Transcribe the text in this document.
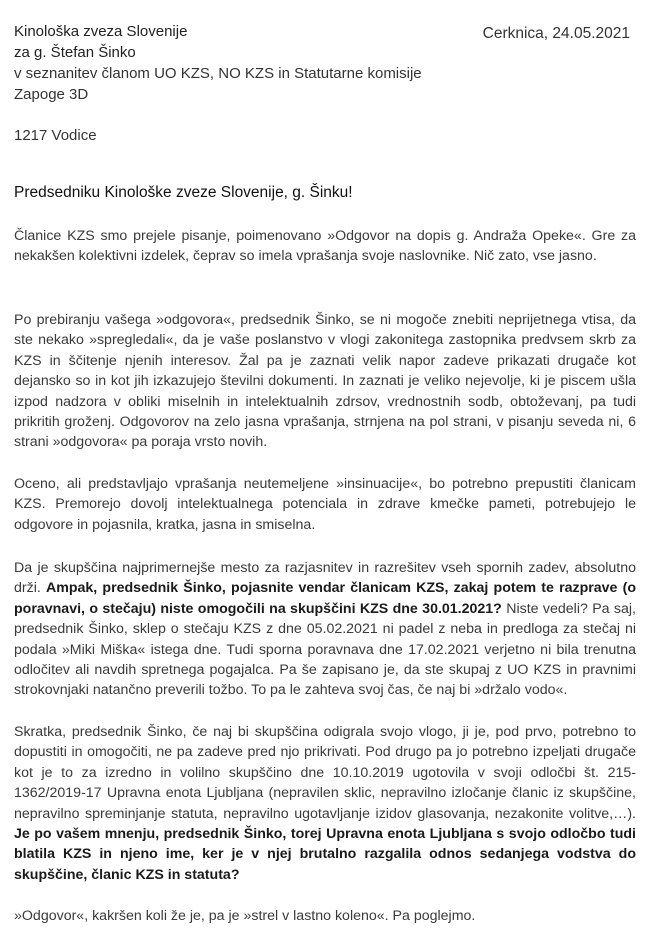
Kinološka zveza Slovenije
za g. Štefan Šinko
v seznanitev članom UO KZS, NO KZS in Statutarne komisije
Zapoge 3D
1217 Vodice
Cerknica, 24.05.2021
Predsedniku Kinološke zveze Slovenije, g. Šinku!
Članice KZS smo prejele pisanje, poimenovano »Odgovor na dopis g. Andraža Opeke«. Gre za nekakšen kolektivni izdelek, čeprav so imela vprašanja svoje naslovnike. Nič zato, vse jasno.
Po prebiranju vašega »odgovora«, predsednik Šinko, se ni mogoče znebiti neprijetnega vtisa, da ste nekako »spregledali«, da je vaše poslanstvo v vlogi zakonitega zastopnika predvsem skrb za KZS in ščitenje njenih interesov. Žal pa je zaznati velik napor zadeve prikazati drugače kot dejansko so in kot jih izkazujejo številni dokumenti. In zaznati je veliko nejevolje, ki je piscem ušla izpod nadzora v obliki miselnih in intelektualnih zdrsov, vrednostnih sodb, obtoževanj, pa tudi prikritih groženj. Odgovorov na zelo jasna vprašanja, strnjena na pol strani, v pisanju seveda ni, 6 strani »odgovora« pa poraja vrsto novih.
Oceno, ali predstavljajo vprašanja neutemeljene »insinuacije«, bo potrebno prepustiti članicam KZS. Premorejo dovolj intelektualnega potenciala in zdrave kmečke pameti, potrebujejo le odgovore in pojasnila, kratka, jasna in smiselna.
Da je skupščina najprimernejše mesto za razjasnitev in razrešitev vseh spornih zadev, absolutno drži. Ampak, predsednik Šinko, pojasnite vendar članicam KZS, zakaj potem te razprave (o poravnavi, o stečaju) niste omogočili na skupščini KZS dne 30.01.2021? Niste vedeli? Pa saj, predsednik Šinko, sklep o stečaju KZS z dne 05.02.2021 ni padel z neba in predloga za stečaj ni podala »Miki Miška« istega dne. Tudi sporna poravnava dne 17.02.2021 verjetno ni bila trenutna odločitev ali navdih spretnega pogajalca. Pa še zapisano je, da ste skupaj z UO KZS in pravnimi strokovnjaki natančno preverili tožbo. To pa le zahteva svoj čas, če naj bi »držalo vodo«.
Skratka, predsednik Šinko, če naj bi skupščina odigrala svojo vlogo, ji je, pod prvo, potrebno to dopustiti in omogočiti, ne pa zadeve pred njo prikrivati. Pod drugo pa jo potrebno izpeljati drugače kot je to za izredno in volilno skupščino dne 10.10.2019 ugotovila v svoji odločbi št. 215-1362/2019-17 Upravna enota Ljubljana (nepravilen sklic, nepravilno izločanje članic iz skupščine, nepravilno spreminjanje statuta, nepravilno ugotavljanje izidov glasovanja, nezakonite volitve,…). Je po vašem mnenju, predsednik Šinko, torej Upravna enota Ljubljana s svojo odločbo tudi blatila KZS in njeno ime, ker je v njej brutalno razgalila odnos sedanjega vodstva do skupščine, članic KZS in statuta?
»Odgovor«, kakršen koli že je, pa je »strel v lastno koleno«. Pa poglejmo.
